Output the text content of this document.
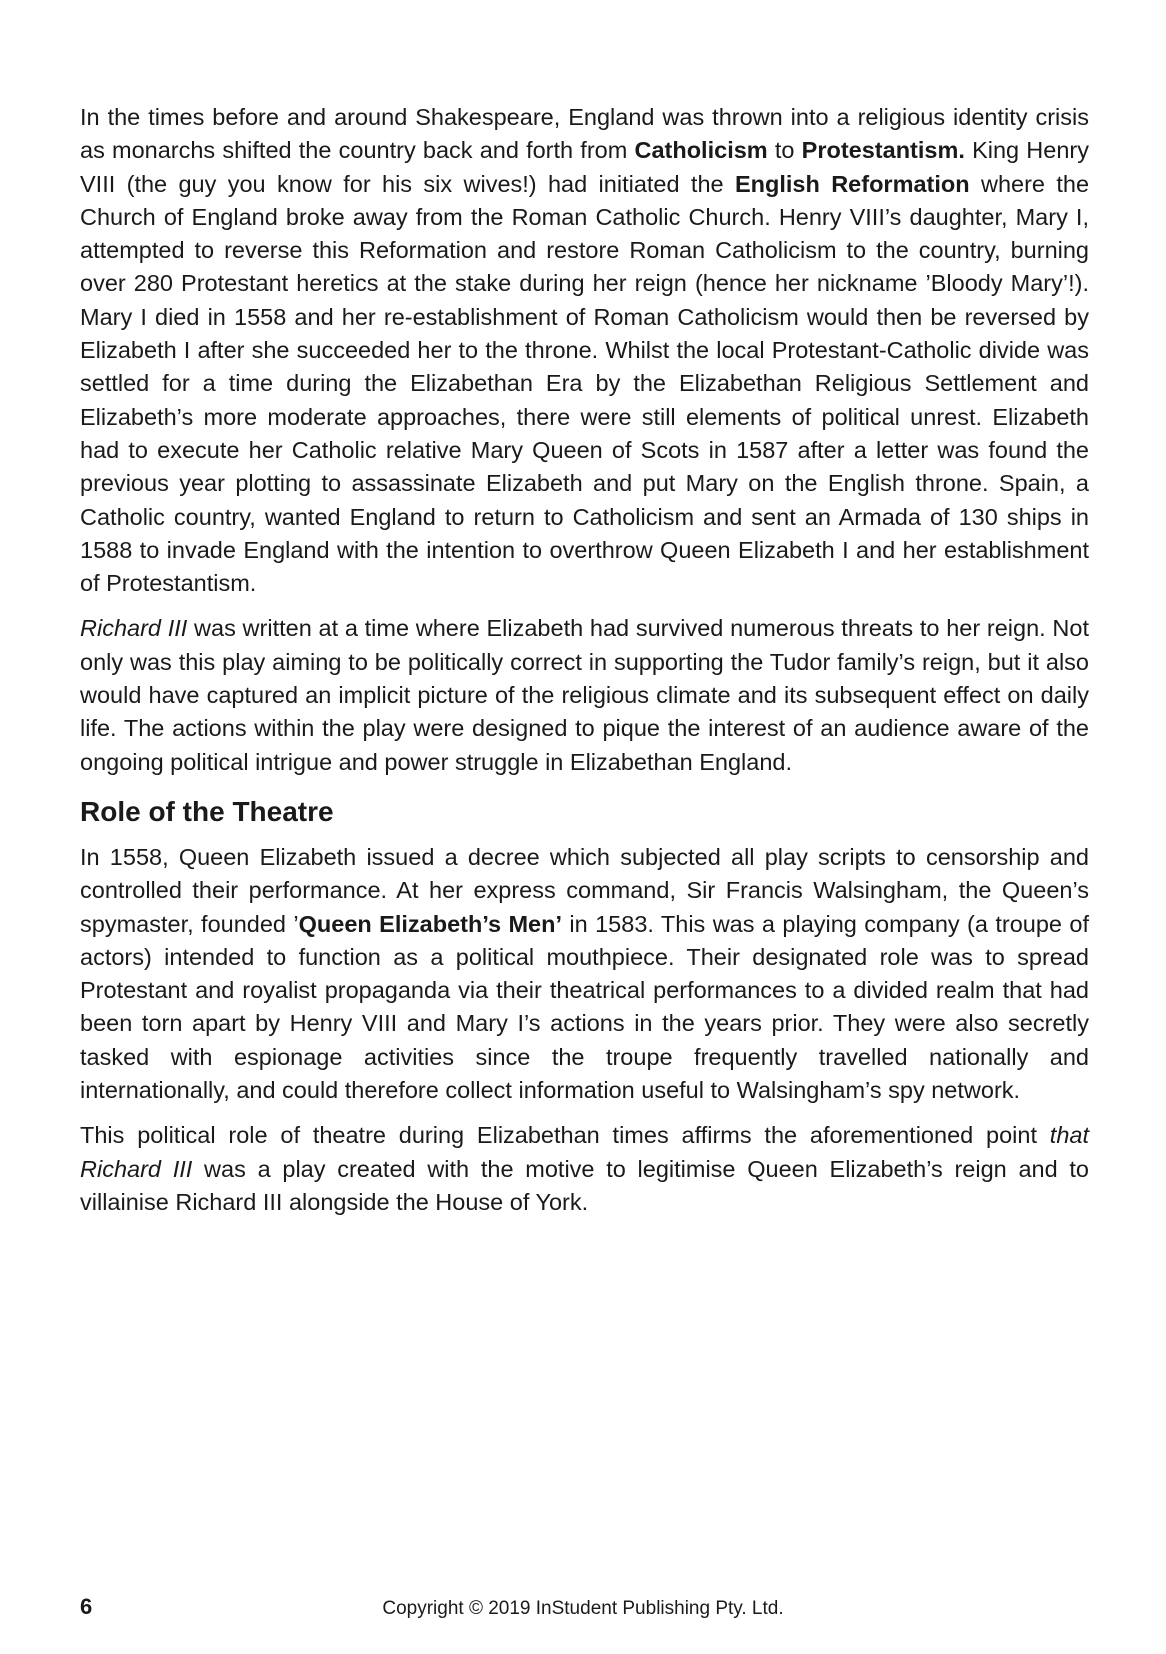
In the times before and around Shakespeare, England was thrown into a religious identity crisis as monarchs shifted the country back and forth from Catholicism to Protestantism. King Henry VIII (the guy you know for his six wives!) had initiated the English Reformation where the Church of England broke away from the Roman Catholic Church. Henry VIII’s daughter, Mary I, attempted to reverse this Reformation and restore Roman Catholicism to the country, burning over 280 Protestant heretics at the stake during her reign (hence her nickname ’Bloody Mary’!). Mary I died in 1558 and her re-establishment of Roman Catholicism would then be reversed by Elizabeth I after she succeeded her to the throne. Whilst the local Protestant-Catholic divide was settled for a time during the Elizabethan Era by the Elizabethan Religious Settlement and Elizabeth’s more moderate approaches, there were still elements of political unrest. Elizabeth had to execute her Catholic relative Mary Queen of Scots in 1587 after a letter was found the previous year plotting to assassinate Elizabeth and put Mary on the English throne. Spain, a Catholic country, wanted England to return to Catholicism and sent an Armada of 130 ships in 1588 to invade England with the intention to overthrow Queen Elizabeth I and her establishment of Protestantism.

Richard III was written at a time where Elizabeth had survived numerous threats to her reign. Not only was this play aiming to be politically correct in supporting the Tudor family’s reign, but it also would have captured an implicit picture of the religious climate and its subsequent effect on daily life. The actions within the play were designed to pique the interest of an audience aware of the ongoing political intrigue and power struggle in Elizabethan England.

Role of the Theatre

In 1558, Queen Elizabeth issued a decree which subjected all play scripts to censorship and controlled their performance. At her express command, Sir Francis Walsingham, the Queen’s spymaster, founded ’Queen Elizabeth’s Men’ in 1583. This was a playing company (a troupe of actors) intended to function as a political mouthpiece. Their designated role was to spread Protestant and royalist propaganda via their theatrical performances to a divided realm that had been torn apart by Henry VIII and Mary I’s actions in the years prior. They were also secretly tasked with espionage activities since the troupe frequently travelled nationally and internationally, and could therefore collect information useful to Walsingham’s spy network.

This political role of theatre during Elizabethan times affirms the aforementioned point that Richard III was a play created with the motive to legitimise Queen Elizabeth’s reign and to villainise Richard III alongside the House of York.

6	Copyright © 2019 InStudent Publishing Pty. Ltd.
